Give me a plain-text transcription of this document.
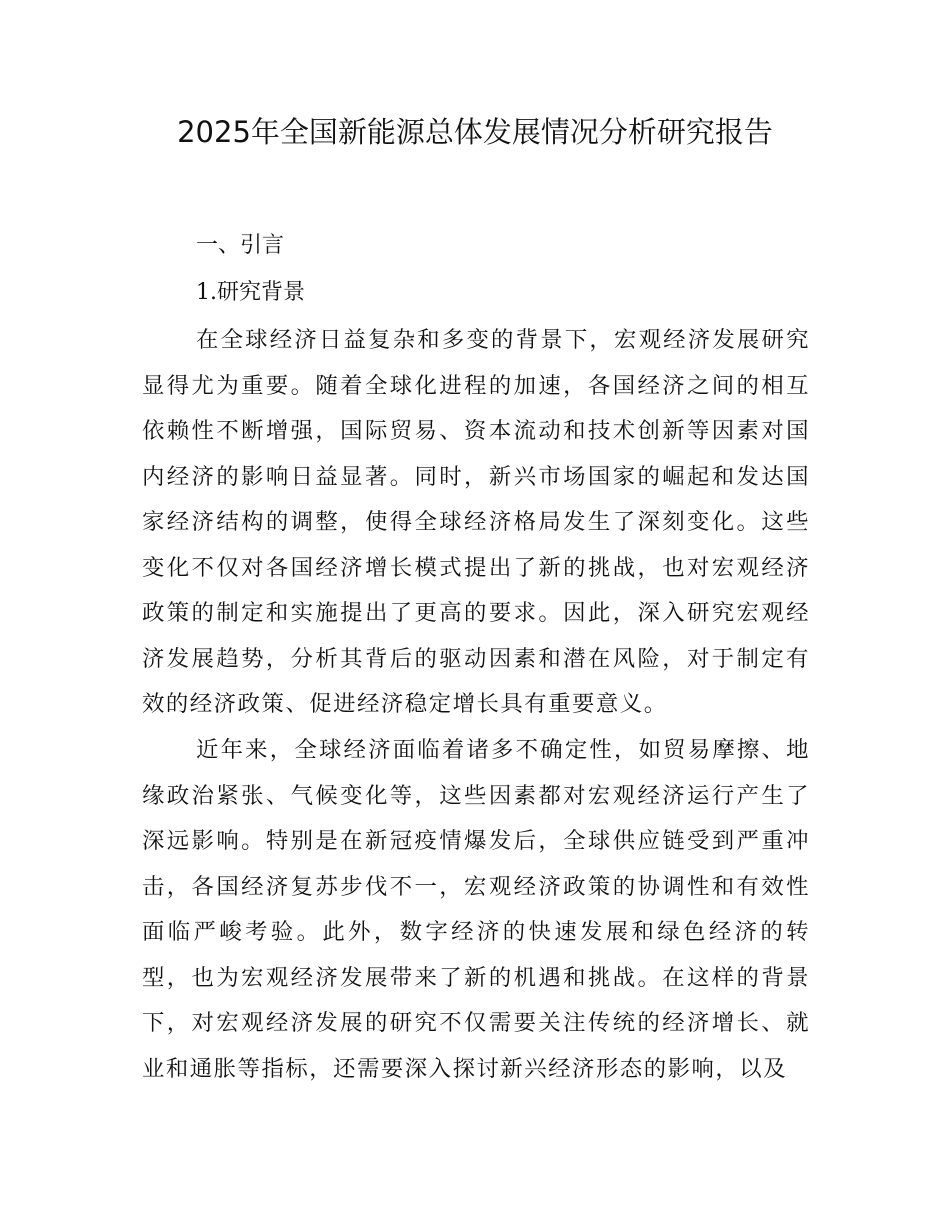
2025年全国新能源总体发展情况分析研究报告
一、引言
1.研究背景

在全球经济日益复杂和多变的背景下，宏观经济发展研究显得尤为重要。随着全球化进程的加速，各国经济之间的相互依赖性不断增强，国际贸易、资本流动和技术创新等因素对国内经济的影响日益显著。同时，新兴市场国家的崛起和发达国家经济结构的调整，使得全球经济格局发生了深刻变化。这些变化不仅对各国经济增长模式提出了新的挑战，也对宏观经济政策的制定和实施提出了更高的要求。因此，深入研究宏观经济发展趋势，分析其背后的驱动因素和潜在风险，对于制定有效的经济政策、促进经济稳定增长具有重要意义。

近年来，全球经济面临着诸多不确定性，如贸易摩擦、地缘政治紧张、气候变化等，这些因素都对宏观经济运行产生了深远影响。特别是在新冠疫情爆发后，全球供应链受到严重冲击，各国经济复苏步伐不一，宏观经济政策的协调性和有效性面临严峻考验。此外，数字经济的快速发展和绿色经济的转型，也为宏观经济发展带来了新的机遇和挑战。在这样的背景下，对宏观经济发展的研究不仅需要关注传统的经济增长、就业和通胀等指标，还需要深入探讨新兴经济形态的影响，以及
